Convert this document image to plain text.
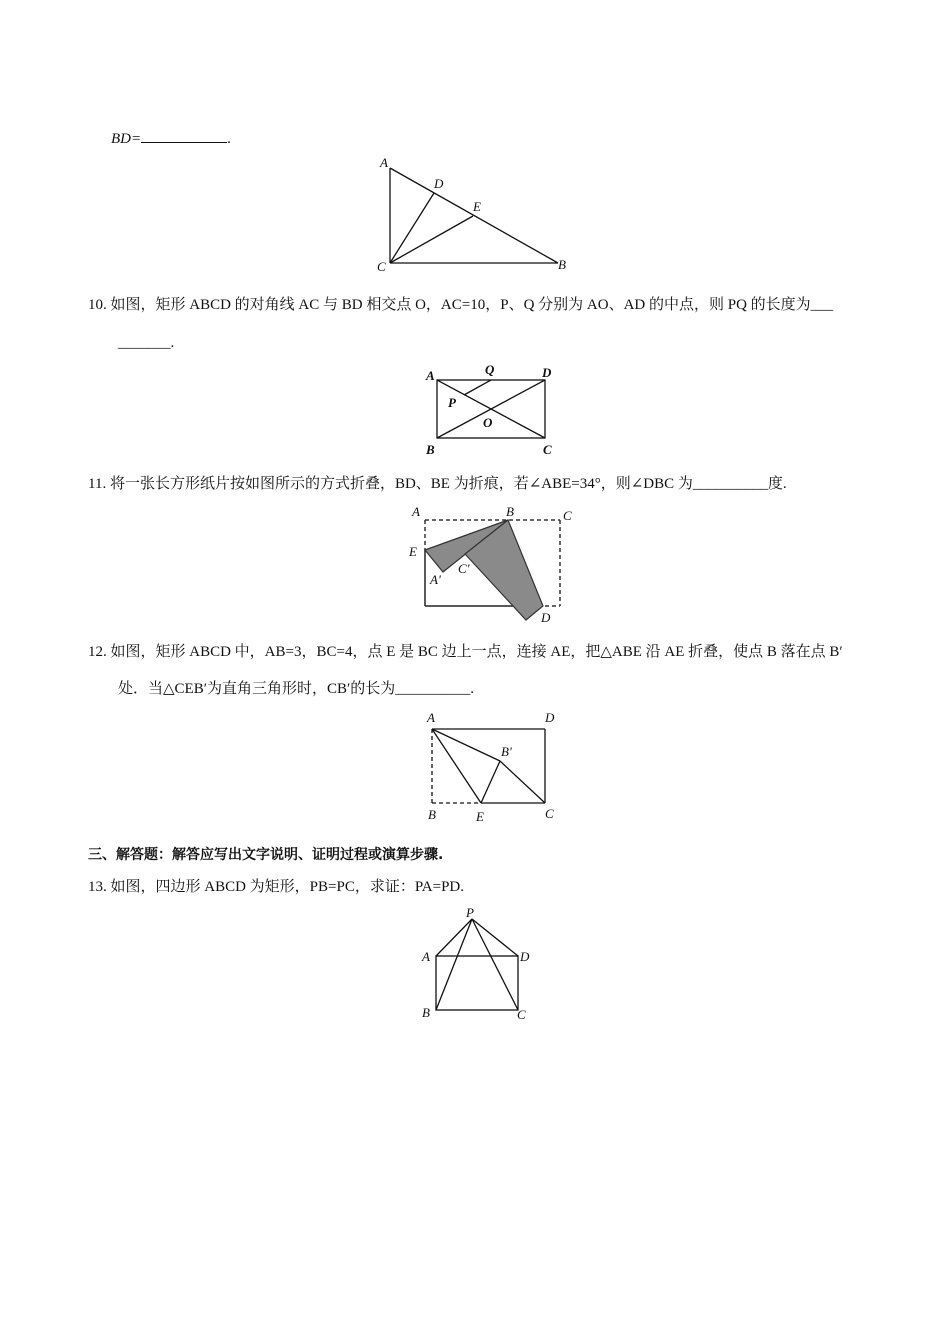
BD=	.
A
D
E
C	B
10. 如图，矩形 ABCD 的对角线 AC 与 BD 相交点 O，AC=10，P、Q 分别为 AO、AD 的中点，则 PQ 的长度为___
_______.
A	Q	D
P
O
B	C
11. 将一张长方形纸片按如图所示的方式折叠，BD、BE 为折痕，若∠ABE=34°，则∠DBC 为__________度.
A	B	C
E
C'
A'
D
12. 如图，矩形 ABCD 中，AB=3，BC=4，点 E 是 BC 边上一点，连接 AE，把△ABE 沿 AE 折叠，使点 B 落在点 B′
处．当△CEB′为直角三角形时，CB′的长为__________.
A	D
B′
B	E	C
三、解答题：解答应写出文字说明、证明过程或演算步骤.
13. 如图，四边形 ABCD 为矩形，PB=PC，求证：PA=PD.
P
A	D
B	C
